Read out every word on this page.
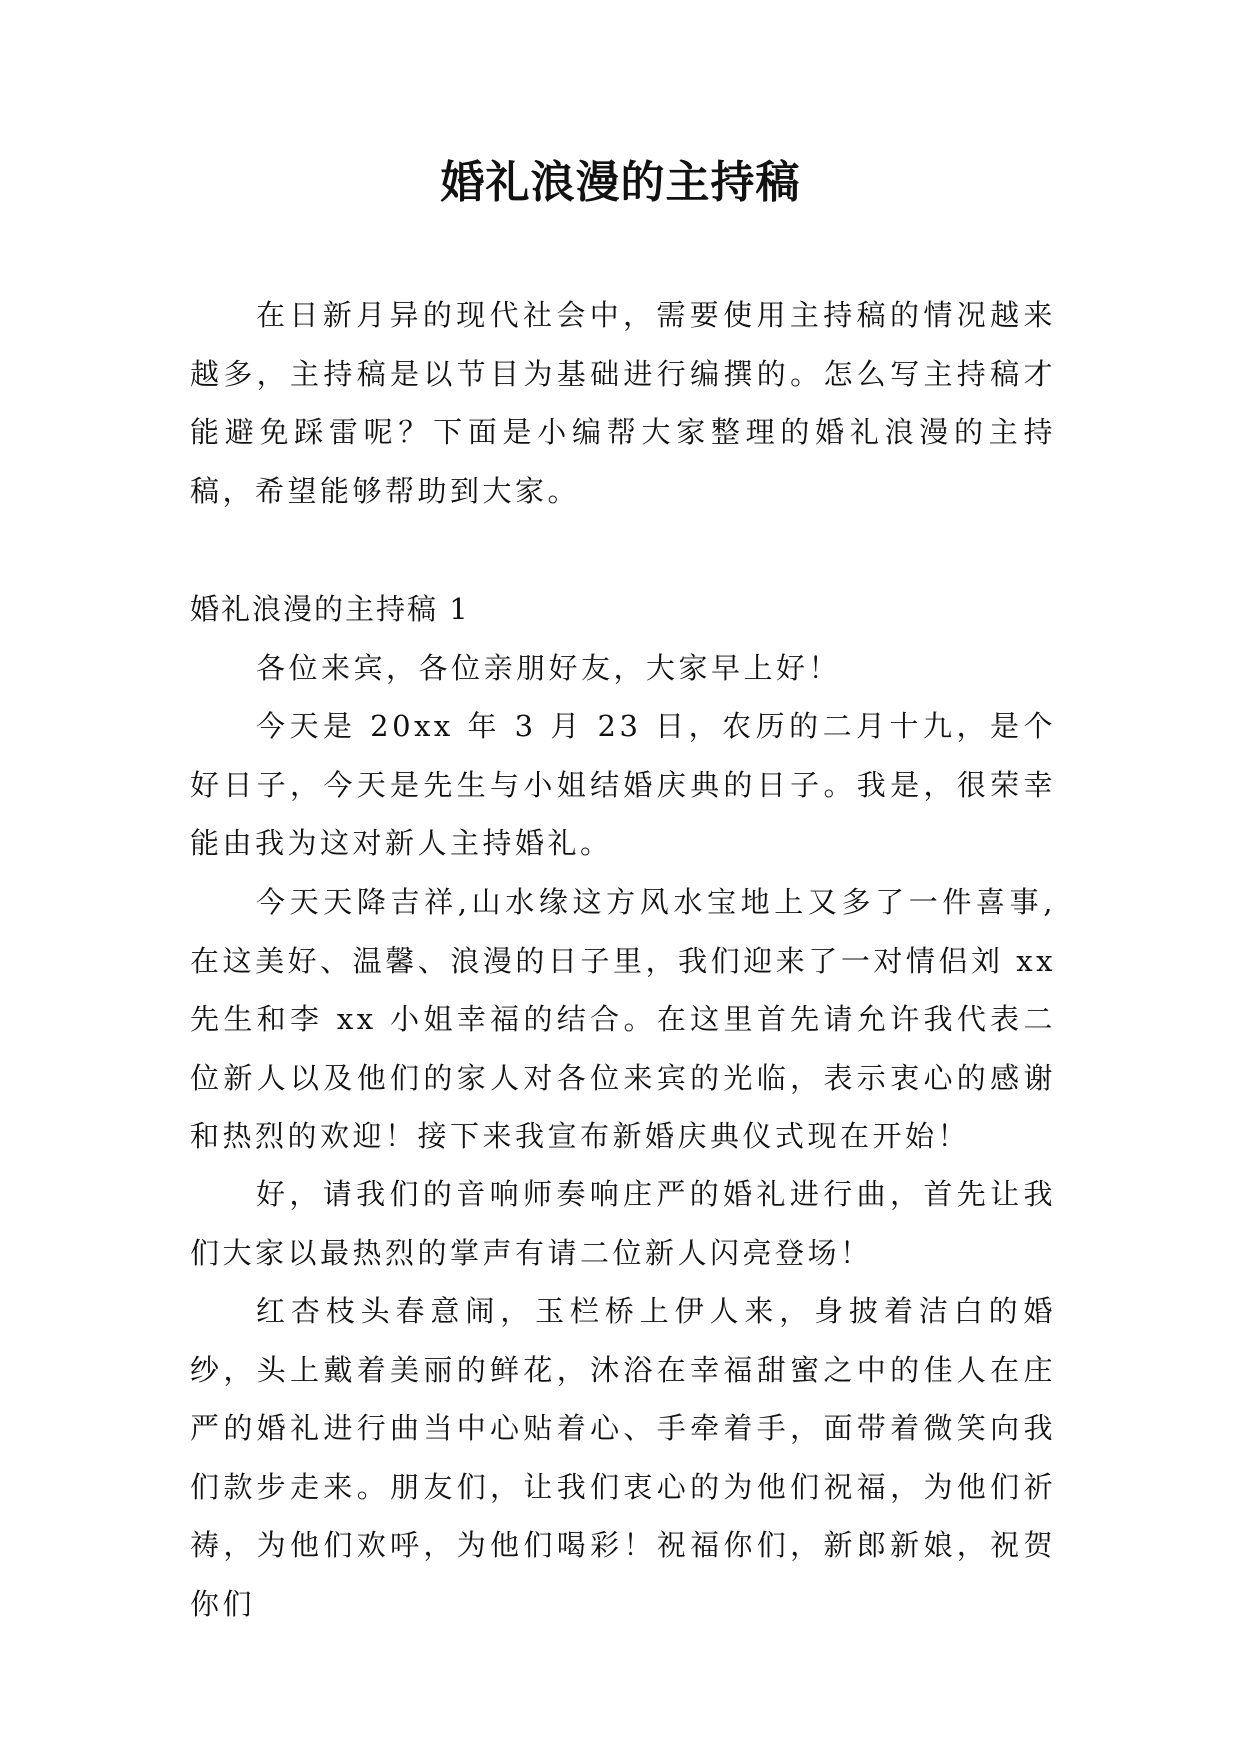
婚礼浪漫的主持稿

在日新月异的现代社会中，需要使用主持稿的情况越来越多，主持稿是以节目为基础进行编撰的。怎么写主持稿才能避免踩雷呢？下面是小编帮大家整理的婚礼浪漫的主持稿，希望能够帮助到大家。

婚礼浪漫的主持稿 1

各位来宾，各位亲朋好友，大家早上好！

今天是 20xx 年 3 月 23 日，农历的二月十九，是个好日子，今天是先生与小姐结婚庆典的日子。我是，很荣幸能由我为这对新人主持婚礼。

今天天降吉祥,山水缘这方风水宝地上又多了一件喜事,在这美好、温馨、浪漫的日子里，我们迎来了一对情侣刘 xx 先生和李 xx 小姐幸福的结合。在这里首先请允许我代表二位新人以及他们的家人对各位来宾的光临，表示衷心的感谢和热烈的欢迎！接下来我宣布新婚庆典仪式现在开始！

好，请我们的音响师奏响庄严的婚礼进行曲，首先让我们大家以最热烈的掌声有请二位新人闪亮登场！

红杏枝头春意闹，玉栏桥上伊人来，身披着洁白的婚纱，头上戴着美丽的鲜花，沐浴在幸福甜蜜之中的佳人在庄严的婚礼进行曲当中心贴着心、手牵着手，面带着微笑向我们款步走来。朋友们，让我们衷心的为他们祝福，为他们祈祷，为他们欢呼，为他们喝彩！祝福你们，新郎新娘，祝贺你们
